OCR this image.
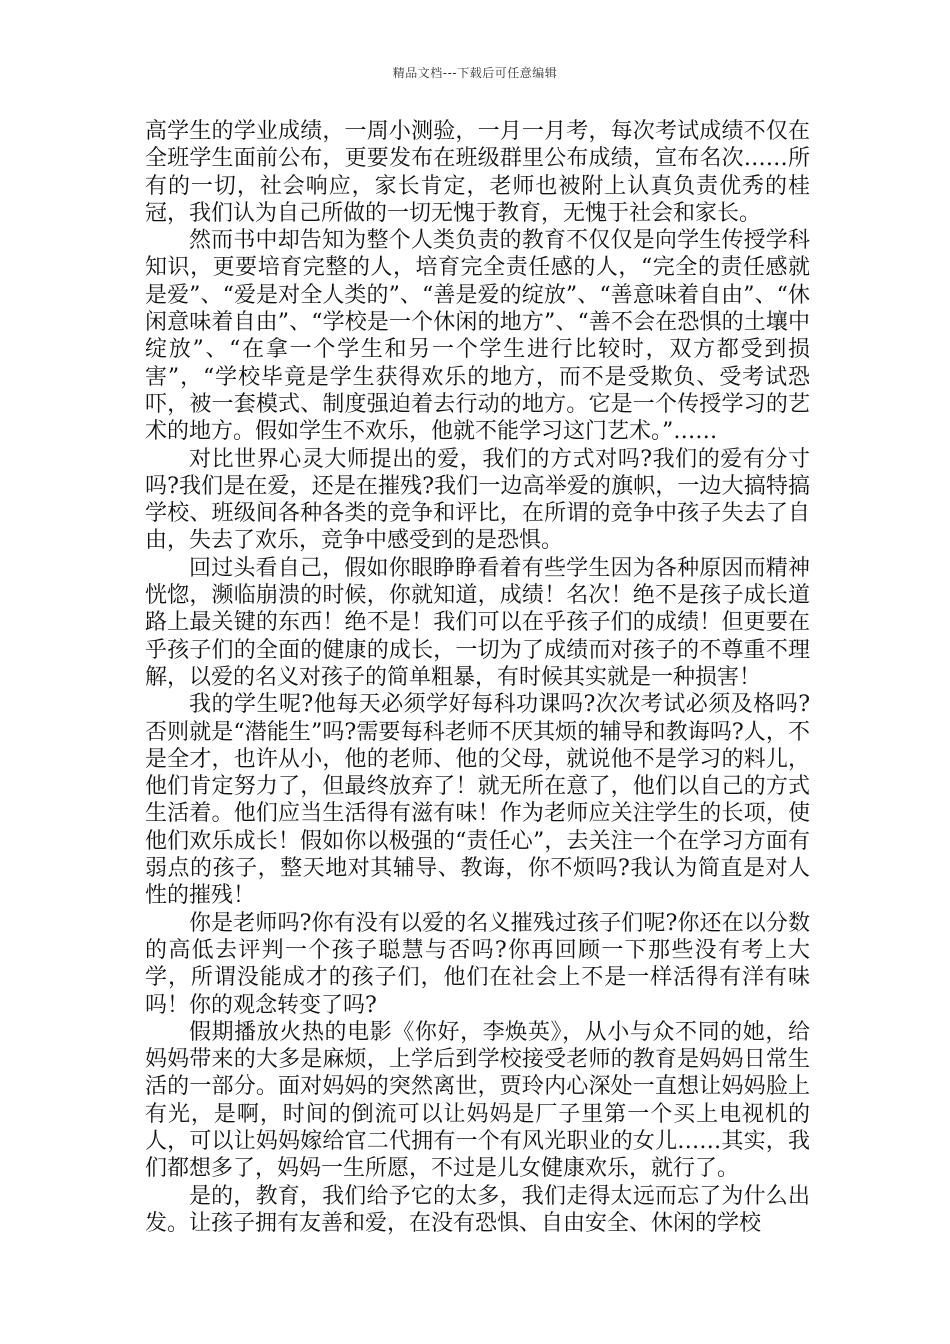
精品文档---下载后可任意编辑

高学生的学业成绩，一周小测验，一月一月考，每次考试成绩不仅在全班学生面前公布，更要发布在班级群里公布成绩，宣布名次……所有的一切，社会响应，家长肯定，老师也被附上认真负责优秀的桂冠，我们认为自己所做的一切无愧于教育，无愧于社会和家长。

然而书中却告知为整个人类负责的教育不仅仅是向学生传授学科知识，更要培育完整的人，培育完全责任感的人，“完全的责任感就是爱”、“爱是对全人类的”、“善是爱的绽放”、“善意味着自由”、“休闲意味着自由”、“学校是一个休闲的地方”、“善不会在恐惧的土壤中绽放”、“在拿一个学生和另一个学生进行比较时，双方都受到损害”，“学校毕竟是学生获得欢乐的地方，而不是受欺负、受考试恐吓，被一套模式、制度强迫着去行动的地方。它是一个传授学习的艺术的地方。假如学生不欢乐，他就不能学习这门艺术。”……

对比世界心灵大师提出的爱，我们的方式对吗?我们的爱有分寸吗?我们是在爱，还是在摧残?我们一边高举爱的旗帜，一边大搞特搞学校、班级间各种各类的竞争和评比，在所谓的竞争中孩子失去了自由，失去了欢乐，竞争中感受到的是恐惧。

回过头看自己，假如你眼睁睁看着有些学生因为各种原因而精神恍惚，濒临崩溃的时候，你就知道，成绩！名次！绝不是孩子成长道路上最关键的东西！绝不是！我们可以在乎孩子们的成绩！但更要在乎孩子们的全面的健康的成长，一切为了成绩而对孩子的不尊重不理解，以爱的名义对孩子的简单粗暴，有时候其实就是一种损害！

我的学生呢?他每天必须学好每科功课吗?次次考试必须及格吗?否则就是“潜能生”吗?需要每科老师不厌其烦的辅导和教诲吗?人，不是全才，也许从小，他的老师、他的父母，就说他不是学习的料儿，他们肯定努力了，但最终放弃了！就无所在意了，他们以自己的方式生活着。他们应当生活得有滋有味！作为老师应关注学生的长项，使他们欢乐成长！假如你以极强的“责任心”，去关注一个在学习方面有弱点的孩子，整天地对其辅导、教诲，你不烦吗?我认为简直是对人性的摧残！

你是老师吗?你有没有以爱的名义摧残过孩子们呢?你还在以分数的高低去评判一个孩子聪慧与否吗?你再回顾一下那些没有考上大学，所谓没能成才的孩子们，他们在社会上不是一样活得有洋有味吗！你的观念转变了吗?

假期播放火热的电影《你好，李焕英》，从小与众不同的她，给妈妈带来的大多是麻烦，上学后到学校接受老师的教育是妈妈日常生活的一部分。面对妈妈的突然离世，贾玲内心深处一直想让妈妈脸上有光，是啊，时间的倒流可以让妈妈是厂子里第一个买上电视机的人，可以让妈妈嫁给官二代拥有一个有风光职业的女儿……其实，我们都想多了，妈妈一生所愿，不过是儿女健康欢乐，就行了。

是的，教育，我们给予它的太多，我们走得太远而忘了为什么出发。让孩子拥有友善和爱，在没有恐惧、自由安全、休闲的学校
